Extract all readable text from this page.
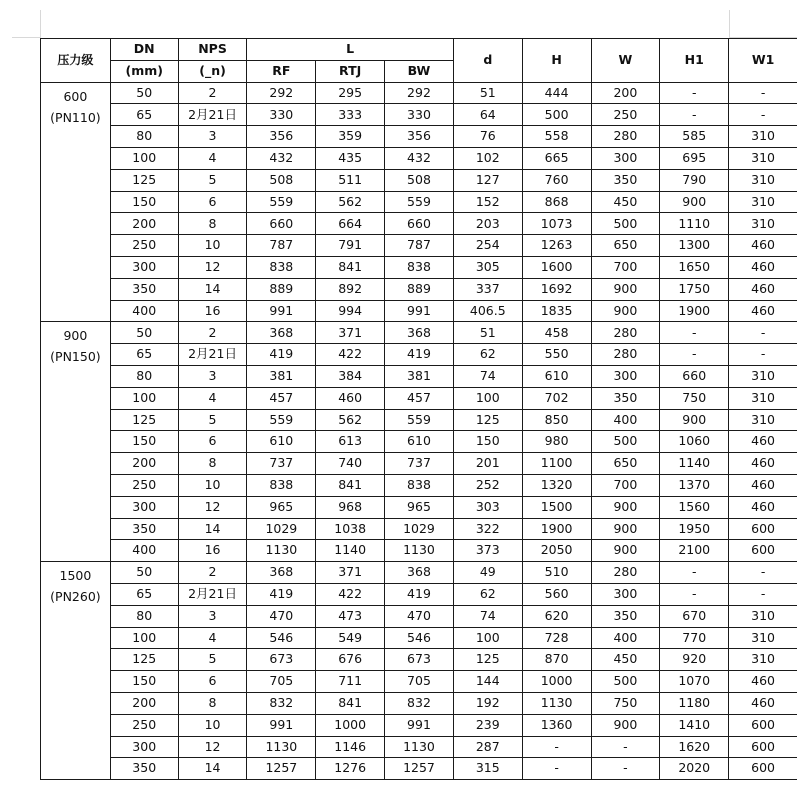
压力级	DN	NPS	L			d	H	W	H1	W1
	(mm)	(_n)	RF	RTJ	BW					

600
(PN110)	50	2	292	295	292	51	444	200	-	-
	65	2月21日	330	333	330	64	500	250	-	-
	80	3	356	359	356	76	558	280	585	310
	100	4	432	435	432	102	665	300	695	310
	125	5	508	511	508	127	760	350	790	310
	150	6	559	562	559	152	868	450	900	310
	200	8	660	664	660	203	1073	500	1110	310
	250	10	787	791	787	254	1263	650	1300	460
	300	12	838	841	838	305	1600	700	1650	460
	350	14	889	892	889	337	1692	900	1750	460
	400	16	991	994	991	406.5	1835	900	1900	460

900
(PN150)	50	2	368	371	368	51	458	280	-	-
	65	2月21日	419	422	419	62	550	280	-	-
	80	3	381	384	381	74	610	300	660	310
	100	4	457	460	457	100	702	350	750	310
	125	5	559	562	559	125	850	400	900	310
	150	6	610	613	610	150	980	500	1060	460
	200	8	737	740	737	201	1100	650	1140	460
	250	10	838	841	838	252	1320	700	1370	460
	300	12	965	968	965	303	1500	900	1560	460
	350	14	1029	1038	1029	322	1900	900	1950	600
	400	16	1130	1140	1130	373	2050	900	2100	600

1500
(PN260)	50	2	368	371	368	49	510	280	-	-
	65	2月21日	419	422	419	62	560	300	-	-
	80	3	470	473	470	74	620	350	670	310
	100	4	546	549	546	100	728	400	770	310
	125	5	673	676	673	125	870	450	920	310
	150	6	705	711	705	144	1000	500	1070	460
	200	8	832	841	832	192	1130	750	1180	460
	250	10	991	1000	991	239	1360	900	1410	600
	300	12	1130	1146	1130	287	-	-	1620	600
	350	14	1257	1276	1257	315	-	-	2020	600
